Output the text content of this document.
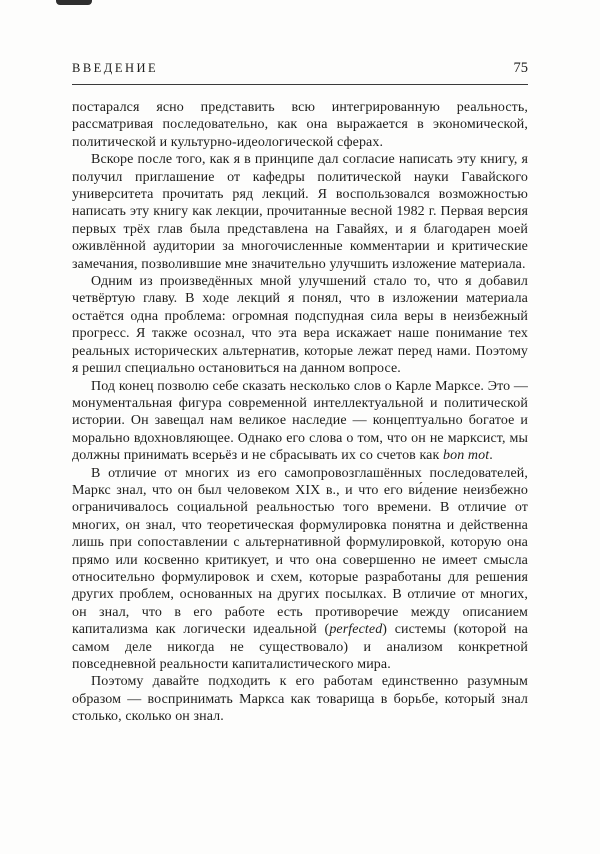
ВВЕДЕНИЕ	75

постарался ясно представить всю интегрированную реальность, рассматривая последовательно, как она выражается в экономической, политической и культурно-идеологической сферах.

Вскоре после того, как я в принципе дал согласие написать эту книгу, я получил приглашение от кафедры политической науки Гавайского университета прочитать ряд лекций. Я воспользовался возможностью написать эту книгу как лекции, прочитанные весной 1982 г. Первая версия первых трёх глав была представлена на Гавайях, и я благодарен моей оживлённой аудитории за многочисленные комментарии и критические замечания, позволившие мне значительно улучшить изложение материала.

Одним из произведённых мной улучшений стало то, что я добавил четвёртую главу. В ходе лекций я понял, что в изложении материала остаётся одна проблема: огромная подспудная сила веры в неизбежный прогресс. Я также осознал, что эта вера искажает наше понимание тех реальных исторических альтернатив, которые лежат перед нами. Поэтому я решил специально остановиться на данном вопросе.

Под конец позволю себе сказать несколько слов о Карле Марксе. Это — монументальная фигура современной интеллектуальной и политической истории. Он завещал нам великое наследие — концептуально богатое и морально вдохновляющее. Однако его слова о том, что он не марксист, мы должны принимать всерьёз и не сбрасывать их со счетов как bon mot.

В отличие от многих из его самопровозглашённых последователей, Маркс знал, что он был человеком XIX в., и что его ви́дение неизбежно ограничивалось социальной реальностью того времени. В отличие от многих, он знал, что теоретическая формулировка понятна и действенна лишь при сопоставлении с альтернативной формулировкой, которую она прямо или косвенно критикует, и что она совершенно не имеет смысла относительно формулировок и схем, которые разработаны для решения других проблем, основанных на других посылках. В отличие от многих, он знал, что в его работе есть противоречие между описанием капитализма как логически идеальной (perfected) системы (которой на самом деле никогда не существовало) и анализом конкретной повседневной реальности капиталистического мира.

Поэтому давайте подходить к его работам единственно разумным образом — воспринимать Маркса как товарища в борьбе, который знал столько, сколько он знал.
